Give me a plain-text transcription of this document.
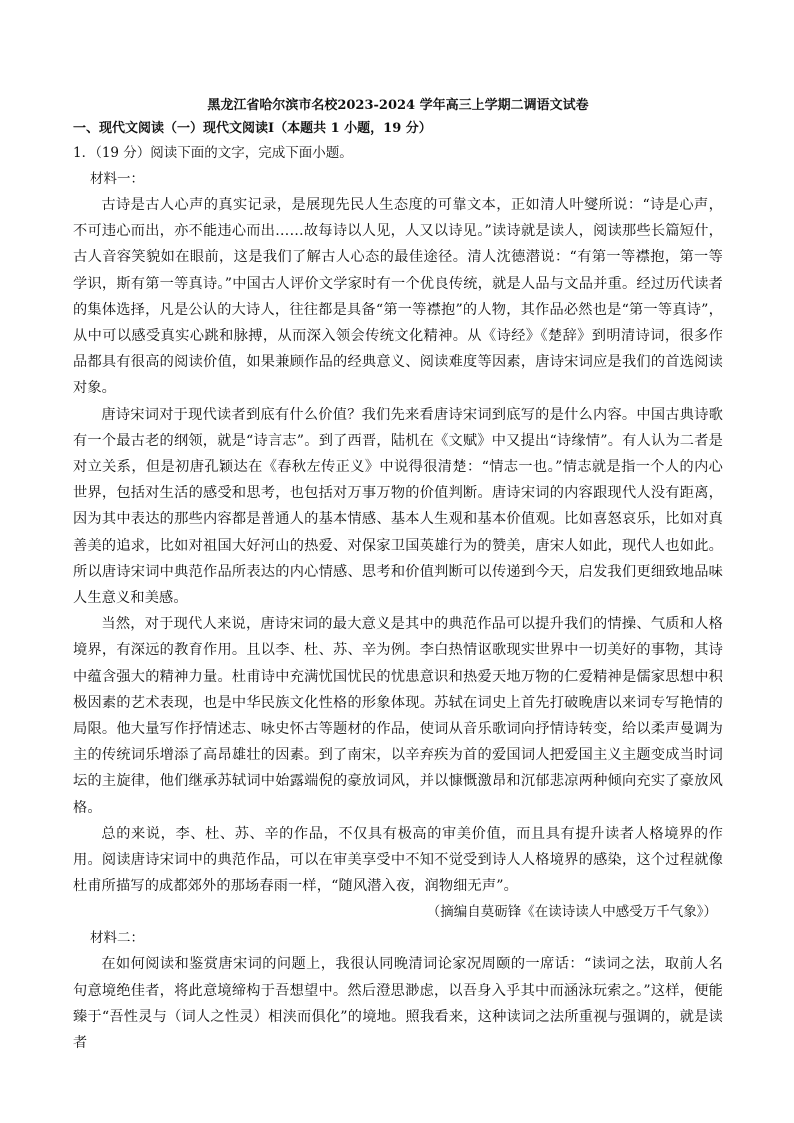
黑龙江省哈尔滨市名校2023-2024 学年高三上学期二调语文试卷

一、现代文阅读（一）现代文阅读Ⅰ（本题共 1 小题，19 分）

1．（19 分）阅读下面的文字，完成下面小题。

材料一：

古诗是古人心声的真实记录，是展现先民人生态度的可靠文本，正如清人叶燮所说：“诗是心声，不可违心而出，亦不能违心而出……故每诗以人见，人又以诗见。”读诗就是读人，阅读那些长篇短什，古人音容笑貌如在眼前，这是我们了解古人心态的最佳途径。清人沈德潜说：“有第一等襟抱，第一等学识，斯有第一等真诗。”中国古人评价文学家时有一个优良传统，就是人品与文品并重。经过历代读者的集体选择，凡是公认的大诗人，往往都是具备“第一等襟抱”的人物，其作品必然也是“第一等真诗”，从中可以感受真实心跳和脉搏，从而深入领会传统文化精神。从《诗经》《楚辞》到明清诗词，很多作品都具有很高的阅读价值，如果兼顾作品的经典意义、阅读难度等因素，唐诗宋词应是我们的首选阅读对象。

唐诗宋词对于现代读者到底有什么价值？我们先来看唐诗宋词到底写的是什么内容。中国古典诗歌有一个最古老的纲领，就是“诗言志”。到了西晋，陆机在《文赋》中又提出“诗缘情”。有人认为二者是对立关系，但是初唐孔颖达在《春秋左传正义》中说得很清楚：“情志一也。”情志就是指一个人的内心世界，包括对生活的感受和思考，也包括对万事万物的价值判断。唐诗宋词的内容跟现代人没有距离，因为其中表达的那些内容都是普通人的基本情感、基本人生观和基本价值观。比如喜怒哀乐，比如对真善美的追求，比如对祖国大好河山的热爱、对保家卫国英雄行为的赞美，唐宋人如此，现代人也如此。所以唐诗宋词中典范作品所表达的内心情感、思考和价值判断可以传递到今天，启发我们更细致地品味人生意义和美感。

当然，对于现代人来说，唐诗宋词的最大意义是其中的典范作品可以提升我们的情操、气质和人格境界，有深远的教育作用。且以李、杜、苏、辛为例。李白热情讴歌现实世界中一切美好的事物，其诗中蕴含强大的精神力量。杜甫诗中充满忧国忧民的忧患意识和热爱天地万物的仁爱精神是儒家思想中积极因素的艺术表现，也是中华民族文化性格的形象体现。苏轼在词史上首先打破晚唐以来词专写艳情的局限。他大量写作抒情述志、咏史怀古等题材的作品，使词从音乐歌词向抒情诗转变，给以柔声曼调为主的传统词乐增添了高昂雄壮的因素。到了南宋，以辛弃疾为首的爱国词人把爱国主义主题变成当时词坛的主旋律，他们继承苏轼词中始露端倪的豪放词风，并以慷慨激昂和沉郁悲凉两种倾向充实了豪放风格。

总的来说，李、杜、苏、辛的作品，不仅具有极高的审美价值，而且具有提升读者人格境界的作用。阅读唐诗宋词中的典范作品，可以在审美享受中不知不觉受到诗人人格境界的感染，这个过程就像杜甫所描写的成都郊外的那场春雨一样，“随风潜入夜，润物细无声”。

（摘编自莫砺锋《在读诗读人中感受万千气象》）

材料二：

在如何阅读和鉴赏唐宋词的问题上，我很认同晚清词论家况周颐的一席话：“读词之法，取前人名句意境绝佳者，将此意境缔构于吾想望中。然后澄思渺虑，以吾身入乎其中而涵泳玩索之。”这样，便能臻于“吾性灵与（词人之性灵）相浃而俱化”的境地。照我看来，这种读词之法所重视与强调的，就是读者
